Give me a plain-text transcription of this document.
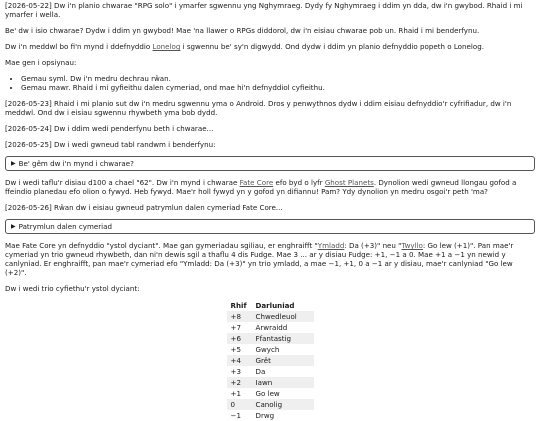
[2026-05-22] Dw i'n planio chwarae "RPG solo" i ymarfer sgwennu yng Nghymraeg. Dydy fy Nghymraeg i ddim yn dda, dw i'n gwybod. Rhaid i mi ymarfer i wella.

Be' dw i isio chwarae? Dydw i ddim yn gwybod! Mae 'na llawer o RPGs diddorol, dw i'n eisiau chwarae pob un. Rhaid i mi benderfynu.

Dw i'n meddwl bo fi'n mynd i ddefnyddio Lonelog i sgwennu be' sy'n digwydd. Ond dydw i ddim yn planio defnyddio popeth o Lonelog.

Mae gen i opsiynau:

• Gemau syml. Dw i'n medru dechrau rŵan.
• Gemau mawr. Rhaid i mi gyfieithu dalen cymeriad, ond mae hi'n defnyddiol cyfieithu.

[2026-05-23] Rhaid i mi planio sut dw i'n medru sgwennu yma o Android. Dros y penwythnos dydw i ddim eisiau defnyddio'r cyfrifiadur, dw i'n meddwl. Ond dw i eisiau sgwennu rhywbeth yma bob dydd.

[2026-05-24] Dw i ddim wedi penderfynu beth i chwarae...

[2026-05-25] Dw i wedi gwneud tabl randwm i benderfynu:

▶ Be' gêm dw i'n mynd i chwarae?

Dw i wedi taflu'r disiau d100 a chael "62". Dw i'n mynd i chwarae Fate Core efo byd o lyfr Ghost Planets. Dynolion wedi gwneud llongau gofod a ffeindio planedau efo olion o fywyd. Heb fywyd. Mae'r holl fywyd yn y gofod yn difiannu! Pam? Ydy dynolion yn medru osgoi'r peth 'ma?

[2026-05-26] Rŵan dw i eisiau gwneud patrymlun dalen cymeriad Fate Core...

▶ Patrymlun dalen cymeriad

Mae Fate Core yn defnyddio "ystol dyciant". Mae gan gymeriadau sgiliau, er enghraifft "Ymladd: Da (+3)" neu "Twyllo: Go lew (+1)". Pan mae'r cymeriad yn trio gwneud rhywbeth, dan ni'n dewis sgil a thaflu 4 dis Fudge. Mae 3 ... ar y disiau Fudge: +1, −1 a 0. Mae +1 a −1 yn newid y canlyniad. Er enghraifft, pan mae'r cymeriad efo "Ymladd: Da (+3)" yn trio ymladd, a mae −1, +1, 0 a −1 ar y disiau, mae'r canlyniad "Go lew (+2)".

Dw i wedi trio cyfiethu'r ystol dyciant:

Rhif	Darluniad
+8	Chwedleuol
+7	Arwraidd
+6	Ffantastig
+5	Gwych
+4	Grêt
+3	Da
+2	Iawn
+1	Go lew
0	Canolig
−1	Drwg
